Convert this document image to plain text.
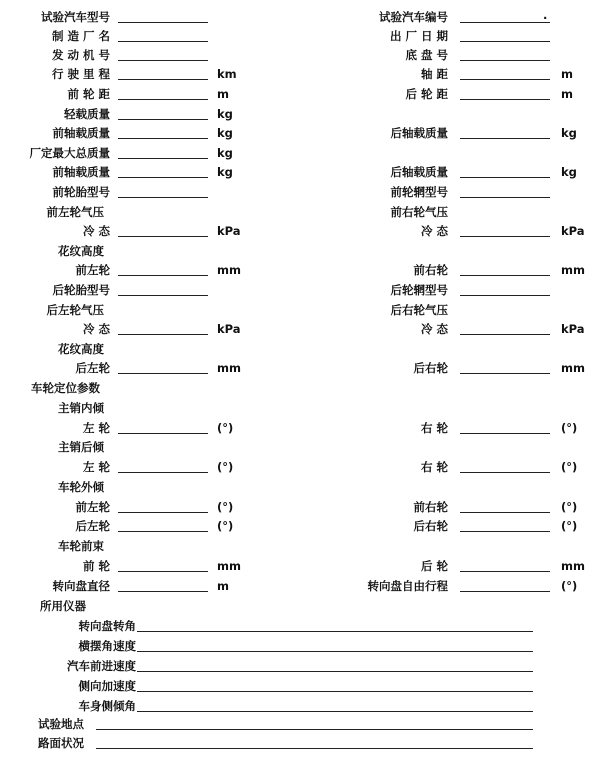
试验汽车型号	试验汽车编号
制 造 厂 名	出 厂 日 期
发 动 机 号	底 盘 号
行 驶 里 程	km	轴 距	m
前 轮 距	m	后 轮 距	m
轻载质量	kg
前轴载质量	kg	后轴载质量	kg
厂定最大总质量	kg
前轴载质量	kg	后轴载质量	kg
前轮胎型号	前轮辋型号
前左轮气压	前右轮气压
冷 态	kPa	冷 态	kPa
花纹高度
前左轮	mm	前右轮	mm
后轮胎型号	后轮辋型号
后左轮气压	后右轮气压
冷 态	kPa	冷 态	kPa
花纹高度
后左轮	mm	后右轮	mm
车轮定位参数
主销内倾
左 轮	(°)	右 轮	(°)
主销后倾
左 轮	(°)	右 轮	(°)
车轮外倾
前左轮	(°)	前右轮	(°)
后左轮	(°)	后右轮	(°)
车轮前束
前 轮	mm	后 轮	mm
转向盘直径	m	转向盘自由行程	(°)
.
所用仪器
转向盘转角
横摆角速度
汽车前进速度
侧向加速度
车身侧倾角
试验地点
路面状况
